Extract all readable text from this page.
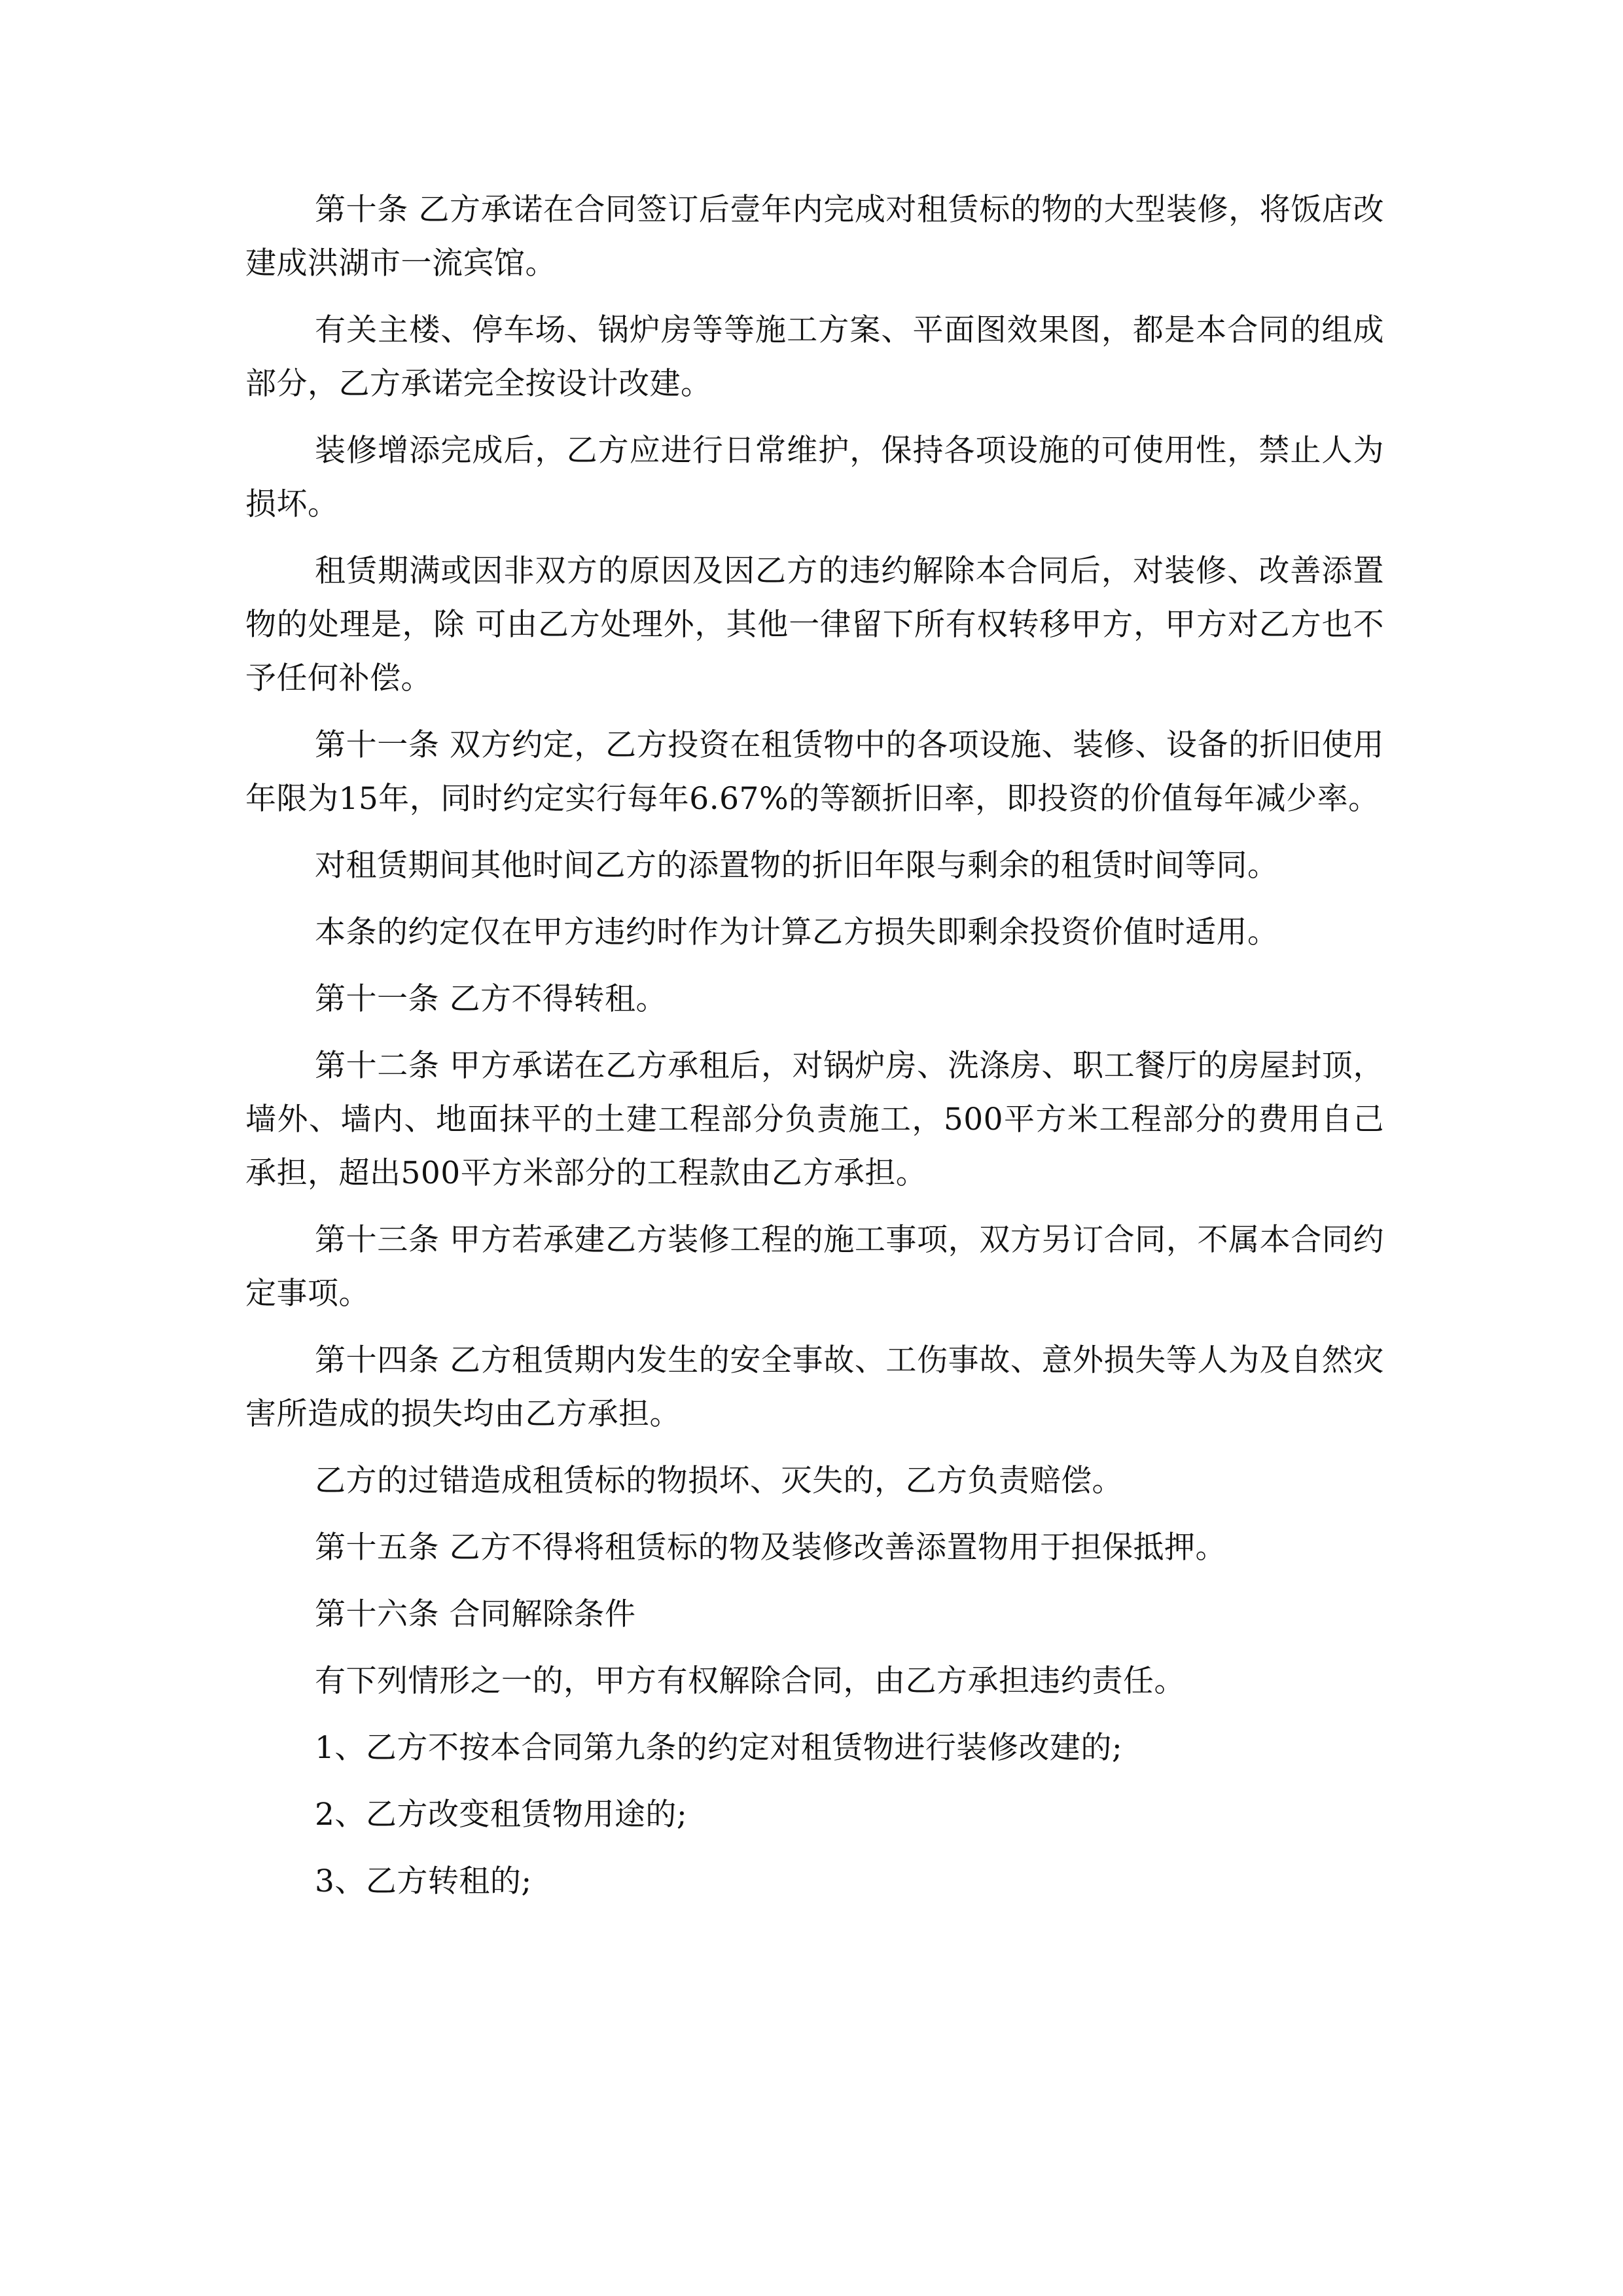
第十条 乙方承诺在合同签订后壹年内完成对租赁标的物的大型装修，将饭店改建成洪湖市一流宾馆。

有关主楼、停车场、锅炉房等等施工方案、平面图效果图，都是本合同的组成部分，乙方承诺完全按设计改建。

装修增添完成后，乙方应进行日常维护，保持各项设施的可使用性，禁止人为损坏。

租赁期满或因非双方的原因及因乙方的违约解除本合同后，对装修、改善添置物的处理是，除 可由乙方处理外，其他一律留下所有权转移甲方，甲方对乙方也不予任何补偿。

第十一条 双方约定，乙方投资在租赁物中的各项设施、装修、设备的折旧使用年限为15年，同时约定实行每年6.67%的等额折旧率，即投资的价值每年减少率。

对租赁期间其他时间乙方的添置物的折旧年限与剩余的租赁时间等同。

本条的约定仅在甲方违约时作为计算乙方损失即剩余投资价值时适用。

第十一条 乙方不得转租。

第十二条 甲方承诺在乙方承租后，对锅炉房、洗涤房、职工餐厅的房屋封顶，墙外、墙内、地面抹平的土建工程部分负责施工，500平方米工程部分的费用自己承担，超出500平方米部分的工程款由乙方承担。

第十三条 甲方若承建乙方装修工程的施工事项，双方另订合同，不属本合同约定事项。

第十四条 乙方租赁期内发生的安全事故、工伤事故、意外损失等人为及自然灾害所造成的损失均由乙方承担。

乙方的过错造成租赁标的物损坏、灭失的，乙方负责赔偿。

第十五条 乙方不得将租赁标的物及装修改善添置物用于担保抵押。

第十六条 合同解除条件

有下列情形之一的，甲方有权解除合同，由乙方承担违约责任。

1、乙方不按本合同第九条的约定对租赁物进行装修改建的;

2、乙方改变租赁物用途的;

3、乙方转租的;
